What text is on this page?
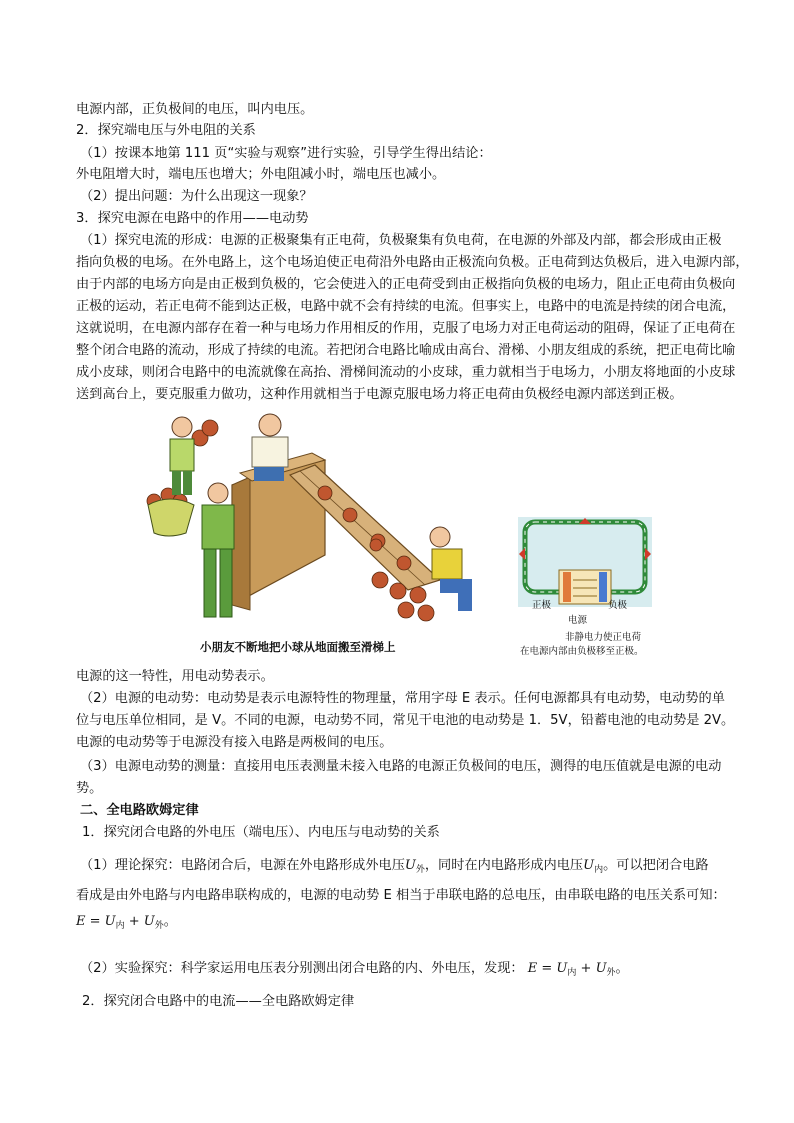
电源内部，正负极间的电压，叫内电压。
2．探究端电压与外电阻的关系
（1）按课本地第 111 页“实验与观察”进行实验，引导学生得出结论：
外电阻增大时，端电压也增大；外电阻减小时，端电压也减小。
（2）提出问题：为什么出现这一现象？
3．探究电源在电路中的作用——电动势
（1）探究电流的形成：电源的正极聚集有正电荷，负极聚集有负电荷，在电源的外部及内部，都会形成由正极
指向负极的电场。在外电路上，这个电场迫使正电荷沿外电路由正极流向负极。正电荷到达负极后，进入电源内部，
由于内部的电场方向是由正极到负极的，它会使进入的正电荷受到由正极指向负极的电场力，阻止正电荷由负极向
正极的运动，若正电荷不能到达正极，电路中就不会有持续的电流。但事实上，电路中的电流是持续的闭合电流，
这就说明，在电源内部存在着一种与电场力作用相反的作用，克服了电场力对正电荷运动的阻碍，保证了正电荷在
整个闭合电路的流动，形成了持续的电流。若把闭合电路比喻成由高台、滑梯、小朋友组成的系统，把正电荷比喻
成小皮球，则闭合电路中的电流就像在高抬、滑梯间流动的小皮球，重力就相当于电场力，小朋友将地面的小皮球
送到高台上，要克服重力做功，这种作用就相当于电源克服电场力将正电荷由负极经电源内部送到正极。
小朋友不断地把小球从地面搬至滑梯上
正极	负极
电源
非静电力使正电荷
在电源内部由负极移至正极。
电源的这一特性，用电动势表示。
（2）电源的电动势：电动势是表示电源特性的物理量，常用字母 E 表示。任何电源都具有电动势，电动势的单
位与电压单位相同，是 V。不同的电源，电动势不同，常见干电池的电动势是 1．5V，铅蓄电池的电动势是 2V。
电源的电动势等于电源没有接入电路是两极间的电压。
（3）电源电动势的测量：直接用电压表测量未接入电路的电源正负极间的电压，测得的电压值就是电源的电动
势。
二、全电路欧姆定律
1．探究闭合电路的外电压（端电压）、内电压与电动势的关系
（1）理论探究：电路闭合后，电源在外电路形成外电压$U_外$，同时在内电路形成内电压$U_内$。可以把闭合电路
看成是由外电路与内电路串联构成的，电源的电动势 E 相当于串联电路的总电压，由串联电路的电压关系可知：
$E = U_内 + U_外$。
（2）实验探究：科学家运用电压表分别测出闭合电路的内、外电压，发现： $E = U_内 + U_外$。
2．探究闭合电路中的电流——全电路欧姆定律
